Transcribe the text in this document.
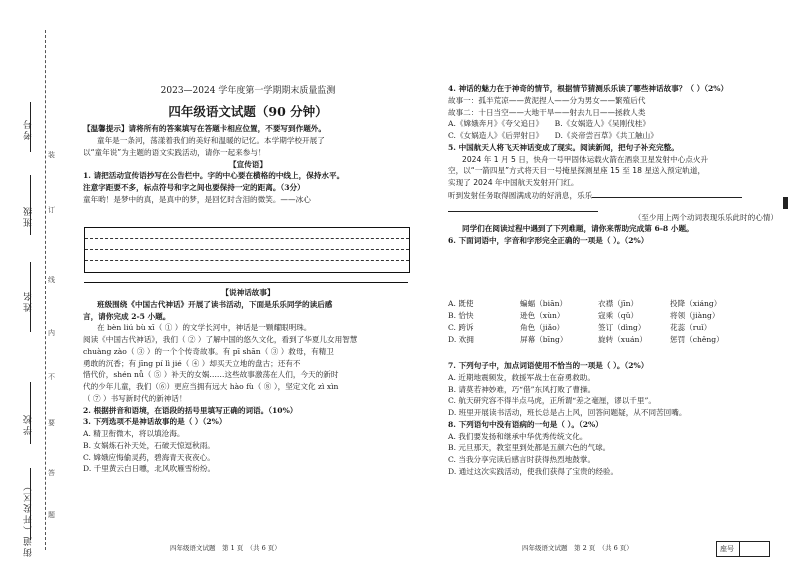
考号
班级
姓名
学校
街道（开发区）
装
订
线
内
不
要
答
题

2023—2024 学年度第一学期期末质量监测

四年级语文试题（90 分钟）

【温馨提示】请将所有的答案填写在答题卡相应位置，不要写到作题外。

童年是一条河，荡漾着我们的美好和温暖的记忆。本学期学校开展了

以“童年说”为主题的语文实践活动，请你一起来参与！

【宣传语】

1. 请把活动宣传语抄写在公告栏中。字的中心要在横格的中线上，保持水平。

注意字距要不多，标点符号和字之间也要保持一定的距离。（3分）

童年哟！是梦中的真，是真中的梦，是回忆时含泪的微笑。——冰心

【说神话故事】

班级围绕《中国古代神话》开展了读书活动，下面是乐乐同学的读后感

言，请你完成 2-5 小题。

在 bèn liú bù xī（ ① ）的文学长河中，神话是一颗耀眼明珠。

阅读《中国古代神话》，我们（ ② ）了解中国的悠久文化，看到了华夏儿女用智慧

chuàng zào（ ③ ）的一个个传奇故事。有 pī shān（ ③ ）救母，有精卫

勇敢的沉香；有 jīng pí lì jié（ ④ ）却买天立地的盘古；还有不

惜代价，shén nǚ（ ⑤ ）补天的女娲……这些故事激荡在人们，今天的新时

代的少年儿童，我们（⑥）更应当拥有远大 hào fù（ ⑧ ），坚定文化 zì xìn

（ ⑦ ）书写新时代的新神话！

2. 根据拼音和语境，在语段的括号里填写正确的词语。（10%）

3. 下列选项不是神话故事的是（ ）（2%）

A. 精卫衔微木，将以填沧海。

B. 女娲炼石补天处，石破天惊逗秋雨。

C. 嫦娥应悔偷灵药，碧海青天夜夜心。

D. 千里黄云白日曛，北风吹雁雪纷纷。

四年级语文试题　第 1 页　（共 6 页）

4. 神话的魅力在于神奇的情节，根据情节猜测乐乐读了哪些神话故事？（ ）（2%）

故事一：孤半荒凉——黄泥捏人——分为男女——繁殖后代

故事二：十日当空——大地干旱——射去九日——拯救人类

A.《嫦娥奔月》《夸父追日》　　B.《女娲造人》《吴刚伐桂》

C.《女娲造人》《后羿射日》　　D.《炎帝尝百草》《共工触山》

5. 中国航天人将飞天神话变成了现实。阅读新闻，把句子补充完整。

2024 年 1 月 5 日，快舟一号甲固体运载火箭在酒泉卫星发射中心点火升

空，以“一箭四星”方式将天目一号掩星探测星座 15 至 18 星送入预定轨道，

实现了 2024 年中国航天发射开门红。

听到发射任务取得圆满成功的好消息，乐乐

（至少用上两个动词表现乐乐此时的心情）

同学们在阅读过程中遇到了下列难题，请你来帮助完成第 6-8 小题。

6. 下面词语中，字音和字形完全正确的一项是（ ）。（2%）

A. 既使	蝙蝠（biān）	衣襟（jīn）	投降（xiáng）

B. 恰快	逊色（xùn）	寇乘（qǔ）	将领（jiàng）

C. 跨诉	角色（jiǎo）	签订（dìng）	花蕊（ruǐ）

D. 欢拥	屏幕（bīng）	旋转（xuán）	惩罚（chěng）

7. 下列句子中，加点词语使用不恰当的一项是（ ）。（2%）

A. 近期地震频发，救援军战士在奋勇救助。

B. 请莫若神妙难，巧“借”东风打败了曹操。

C. 航天研究容不得半点马虎，正所谓“差之毫厘，谬以千里”。

D. 班里开展读书活动，班长总是占上风，回答问题疑，从不同苦回嘴。

8. 下列语句中没有语病的一句是（ ）。（2%）

A. 我们要发扬和继承中华优秀传统文化。

B. 元旦那天，教室里到处都是五颜六色的气球。

C. 当我分享完读后感言时获得热烈地鼓掌。

D. 通过这次实践活动，使我们获得了宝贵的经验。

四年级语文试题　第 2 页　（共 6 页）	座号
